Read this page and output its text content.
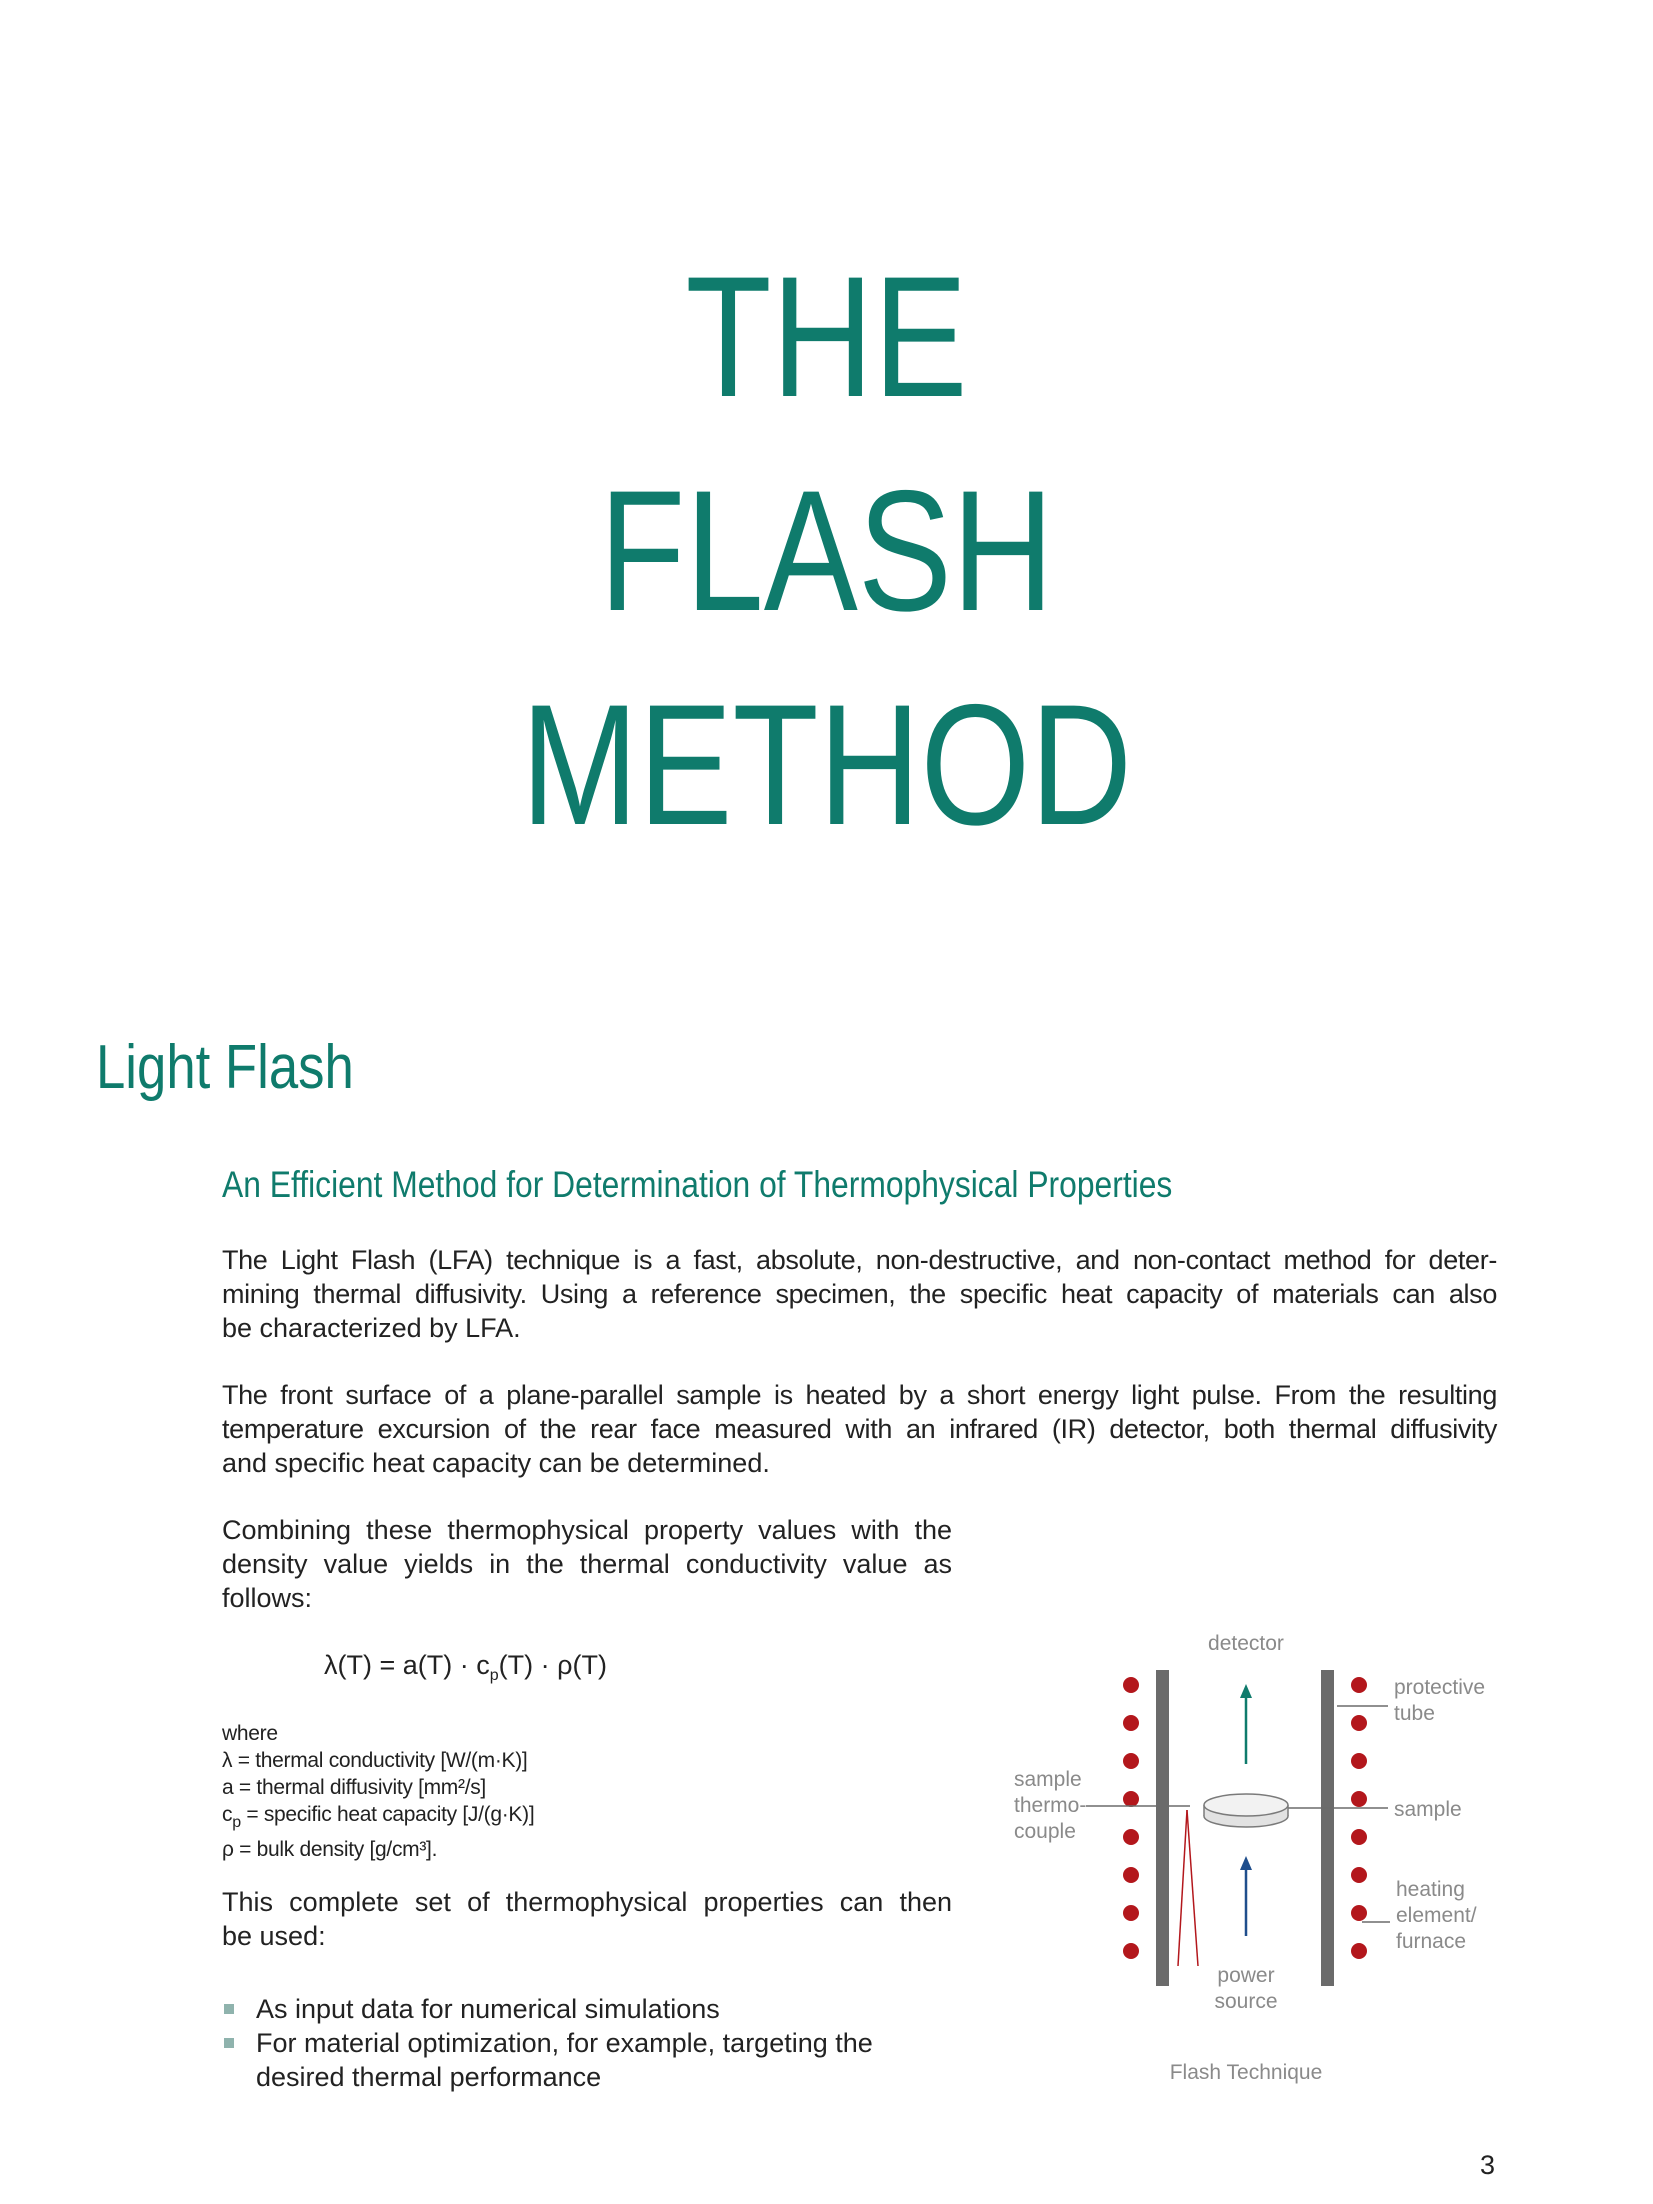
THE
FLASH
METHOD
Light Flash
An Efficient Method for Determination of Thermophysical Properties
The Light Flash (LFA) technique is a fast, absolute, non-destructive, and non-contact method for deter-
mining thermal diffusivity. Using a reference specimen, the specific heat capacity of materials can also
be characterized by LFA.
The front surface of a plane-parallel sample is heated by a short energy light pulse. From the resulting
temperature excursion of the rear face measured with an infrared (IR) detector, both thermal diffusivity
and specific heat capacity can be determined.
Combining these thermophysical property values with the
density value yields in the thermal conductivity value as
follows:
$\lambda(T) = a(T) \cdot c_p(T) \cdot \rho(T)$
where
λ = thermal conductivity [W/(m·K)]
a = thermal diffusivity [mm²/s]
$c_p$ = specific heat capacity [J/(g·K)]
ρ = bulk density [g/cm³].
This complete set of thermophysical properties can then
be used:
As input data for numerical simulations
For material optimization, for example, targeting the
desired thermal performance
detector
protective
tube
sample
thermo-
couple
sample
heating
element/
furnace
power
source
Flash Technique
3
